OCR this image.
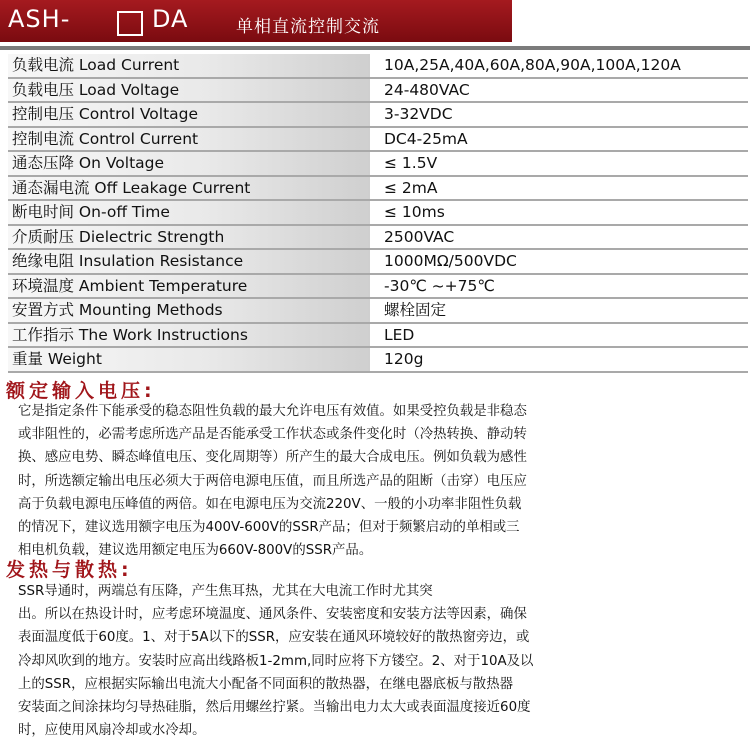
ASH-	DA	单相直流控制交流
负载电流 Load Current		10A,25A,40A,60A,80A,90A,100A,120A
负载电压 Load Voltage		24-480VAC
控制电压 Control Voltage		3-32VDC
控制电流 Control Current		DC4-25mA
通态压降 On Voltage		≤ 1.5V
通态漏电流 Off Leakage Current		≤ 2mA
断电时间 On-off Time		≤ 10ms
介质耐压 Dielectric Strength		2500VAC
绝缘电阻 Insulation Resistance		1000MΩ/500VDC
环境温度 Ambient Temperature		-30℃ ~+75℃
安置方式 Mounting Methods		螺栓固定
工作指示 The Work Instructions		LED
重量 Weight		120g
额定输入电压:

它是指定条件下能承受的稳态阻性负载的最大允许电压有效值。如果受控负载是非稳态

或非阻性的，必需考虑所选产品是否能承受工作状态或条件变化时（冷热转换、静动转

换、感应电势、瞬态峰值电压、变化周期等）所产生的最大合成电压。例如负载为感性

时，所选额定输出电压必须大于两倍电源电压值，而且所选产品的阻断（击穿）电压应

高于负载电源电压峰值的两倍。如在电源电压为交流220V、一般的小功率非阻性负载

的情况下，建议选用额字电压为400V-600V的SSR产品；但对于频繁启动的单相或三

相电机负载，建议选用额定电压为660V-800V的SSR产品。

发热与散热:

SSR导通时，两端总有压降，产生焦耳热，尤其在大电流工作时尤其突

出。所以在热设计时，应考虑环境温度、通风条件、安装密度和安装方法等因素，确保

表面温度低于60度。1、对于5A以下的SSR，应安装在通风环境较好的散热窗旁边，或

冷却风吹到的地方。安装时应高出线路板1-2mm,同时应将下方镂空。2、对于10A及以

上的SSR，应根据实际输出电流大小配备不同面积的散热器，在继电器底板与散热器

安装面之间涂抹均匀导热硅脂，然后用螺丝拧紧。当输出电力太大或表面温度接近60度

时，应使用风扇冷却或水冷却。
